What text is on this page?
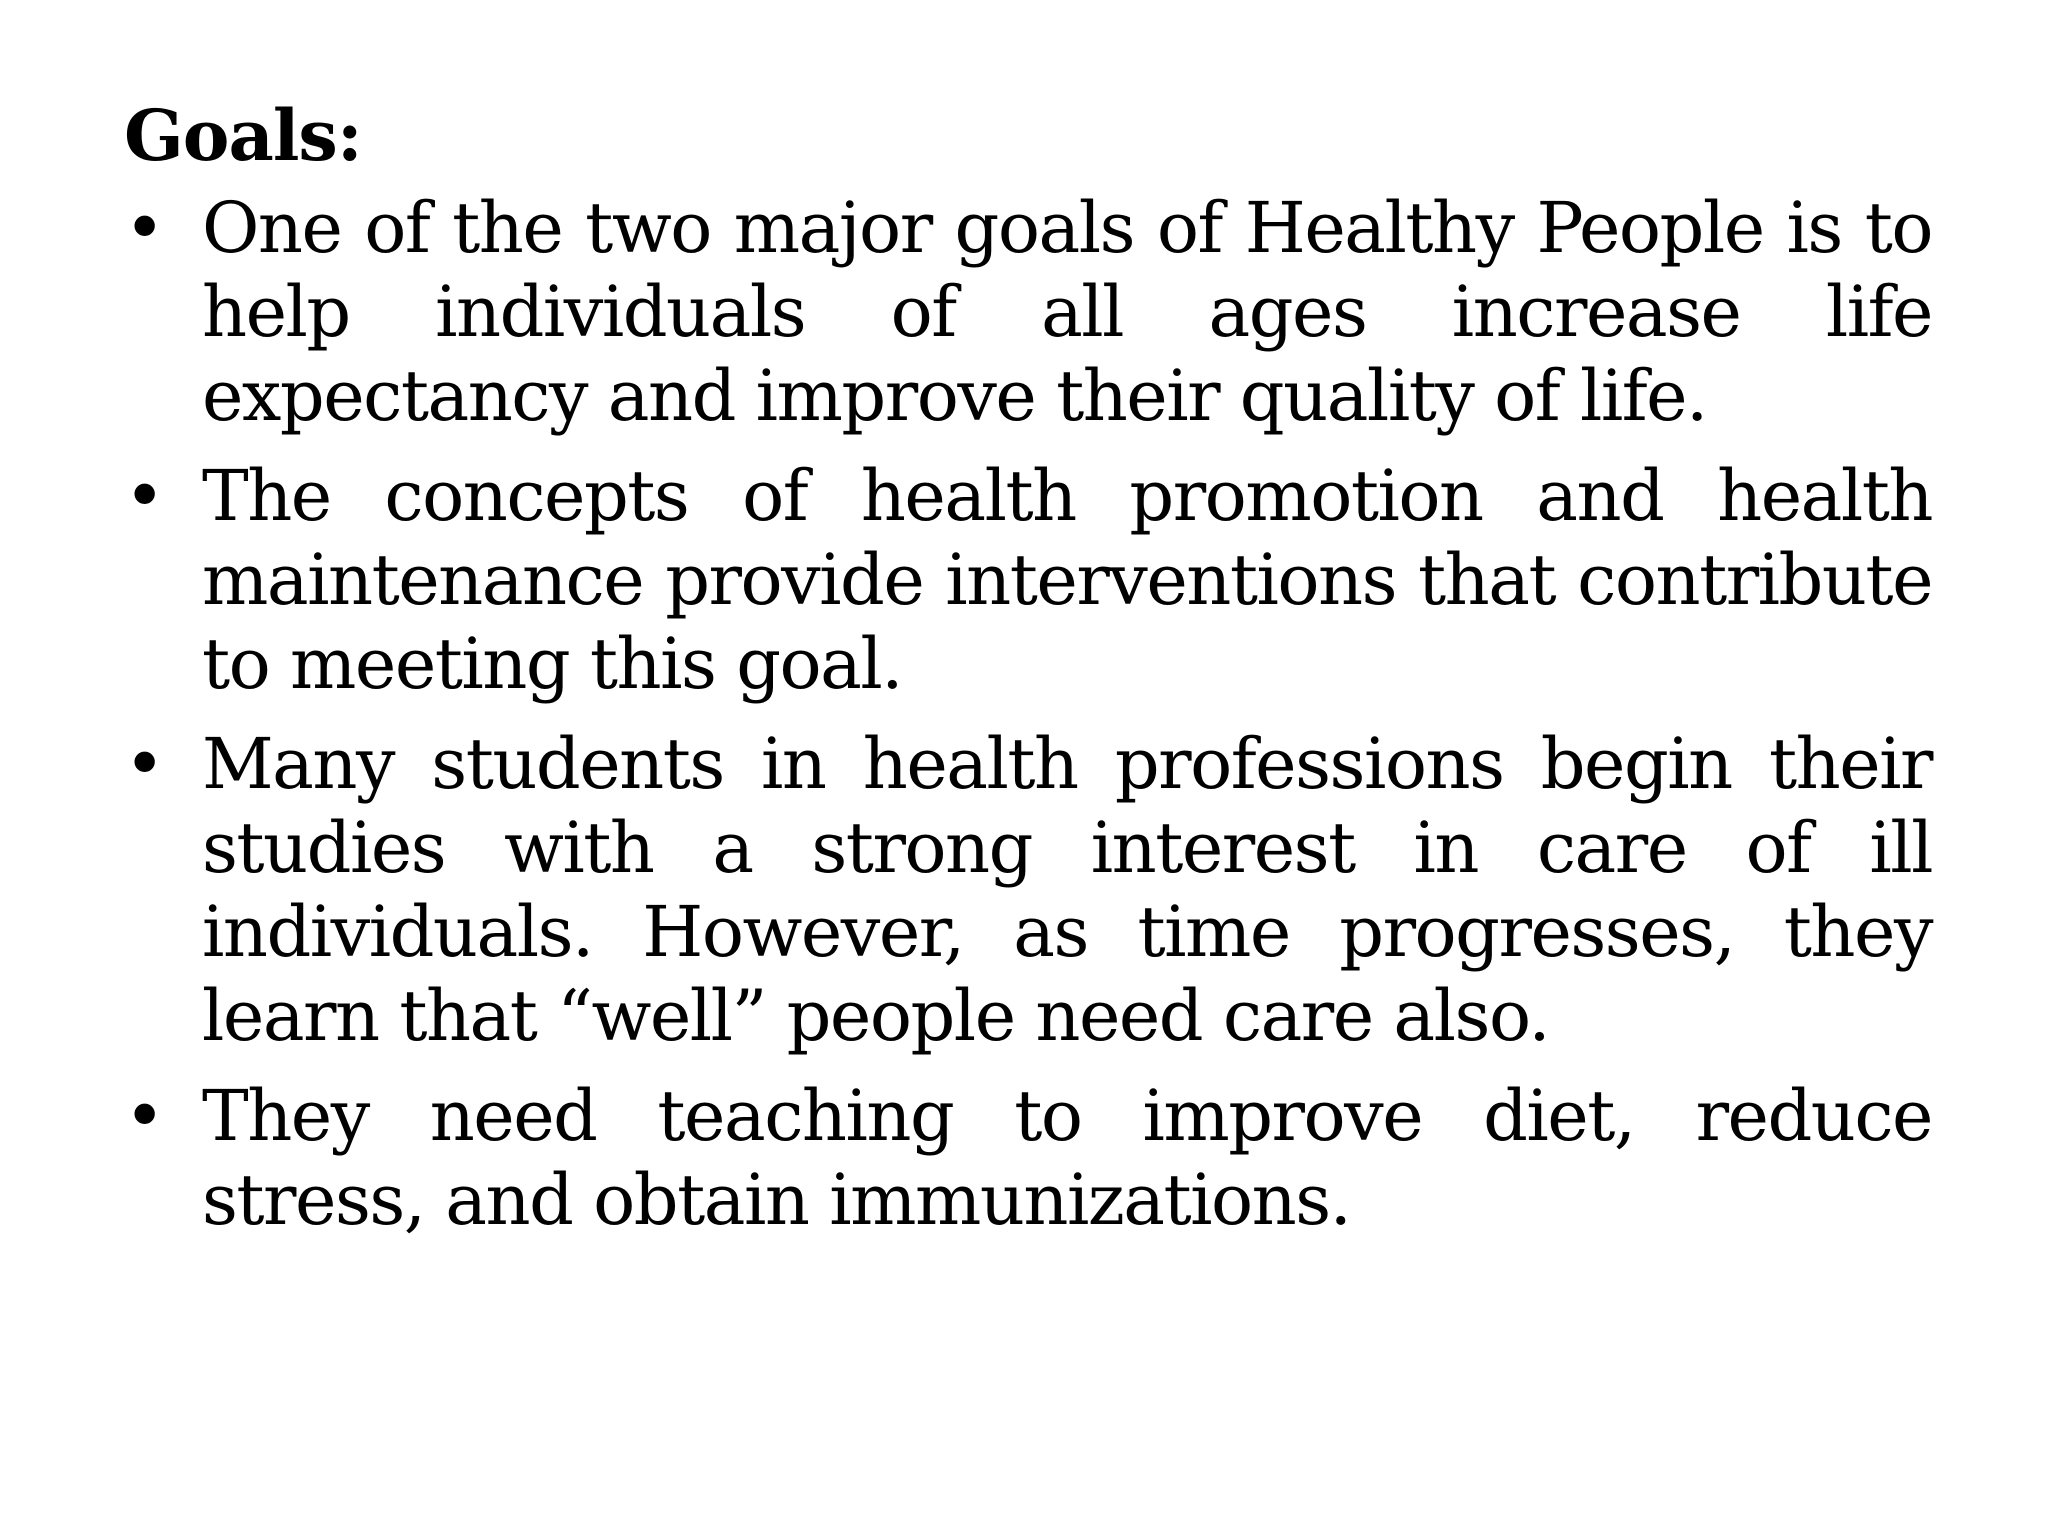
Goals:
• One of the two major goals of Healthy People is to help individuals of all ages increase life expectancy and improve their quality of life.
• The concepts of health promotion and health maintenance provide interventions that contribute to meeting this goal.
• Many students in health professions begin their studies with a strong interest in care of ill individuals. However, as time progresses, they learn that “well” people need care also.
• They need teaching to improve diet, reduce stress, and obtain immunizations.
